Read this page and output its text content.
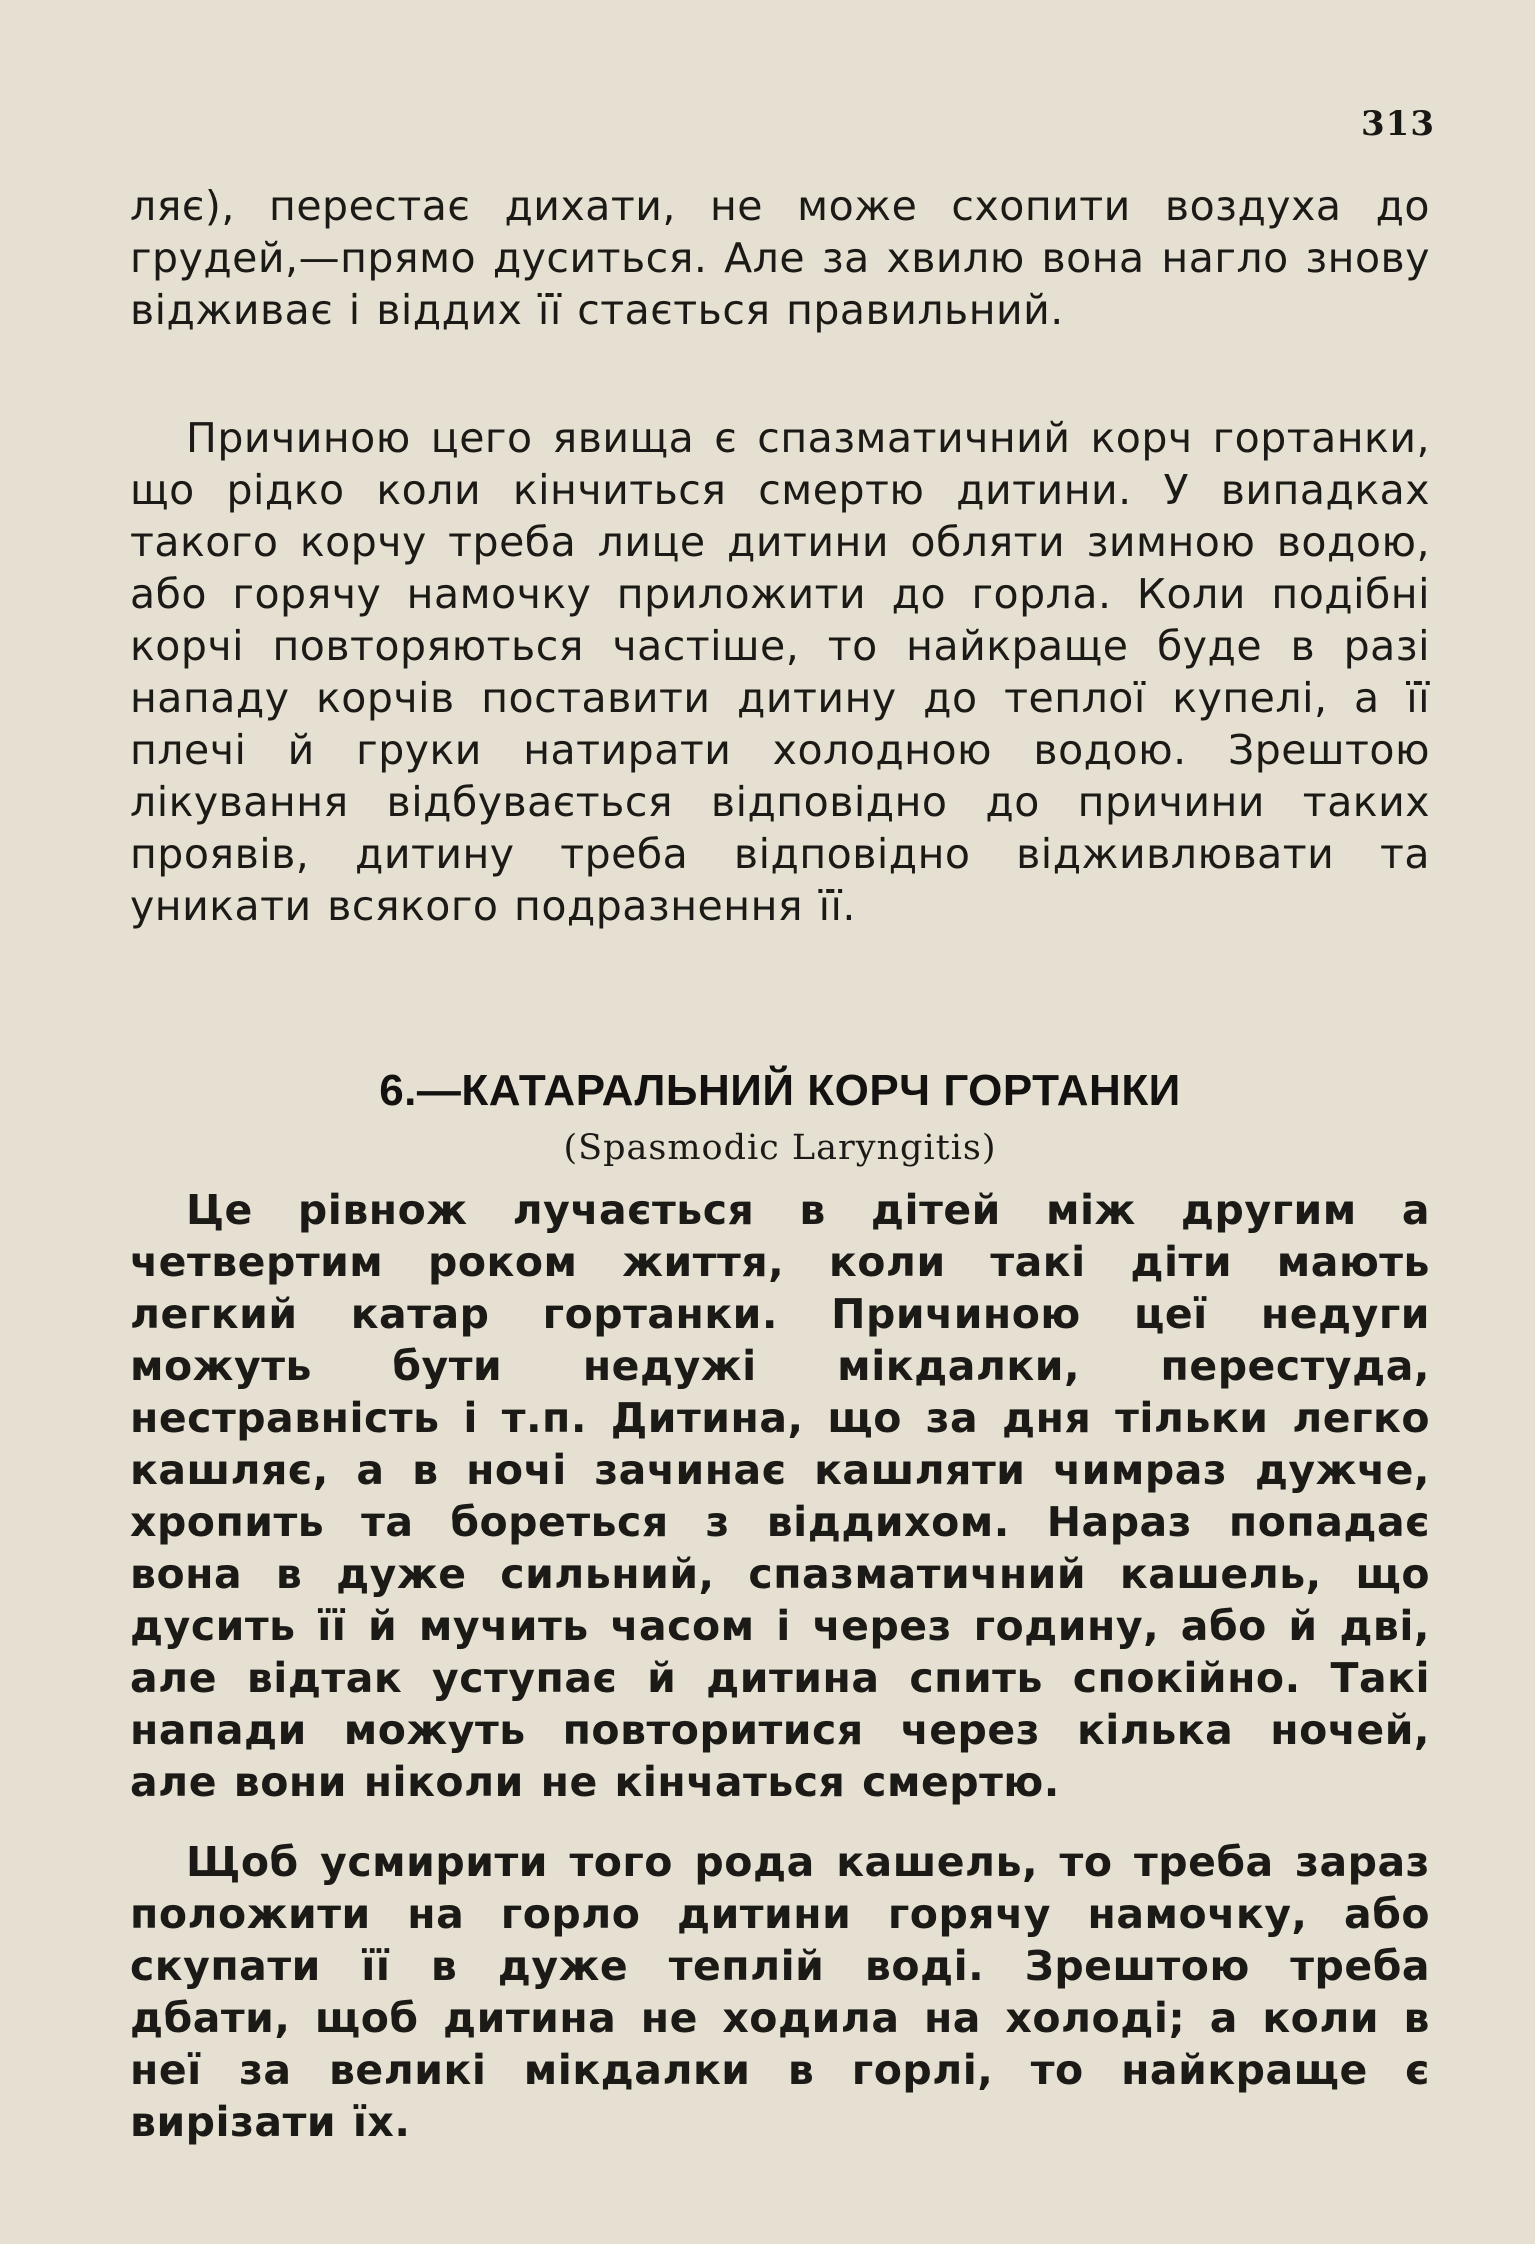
313

ляє), перестає дихати, не може схопити воздуха до грудей,—прямо дуситься. Але за хвилю вона нагло знову відживає і віддих її стається правильний.

Причиною цего явища є спазматичний корч гортанки, що рідко коли кінчиться смертю дитини. У випадках такого корчу треба лице дитини обляти зимною водою, або горячу намочку приложити до горла. Коли подібні корчі повторяються частіше, то найкраще буде в разі нападу корчів поставити дитину до теплої купелі, а її плечі й груки натирати холодною водою. Зрештою лікування відбувається відповідно до причини таких проявів, дитину треба відповідно відживлювати та уникати всякого подразнення її.

6.—КАТАРАЛЬНИЙ КОРЧ ГОРТАНКИ
(Spasmodic Laryngitis)

Це рівнож лучається в дітей між другим а четвертим роком життя, коли такі діти мають легкий катар гортанки. Причиною цеї недуги можуть бути недужі мікдалки, перестуда, нестравність і т.п. Дитина, що за дня тільки легко кашляє, а в ночі зачинає кашляти чимраз дужче, хропить та бореться з віддихом. Нараз попадає вона в дуже сильний, спазматичний кашель, що дусить її й мучить часом і через годину, або й дві, але відтак уступає й дитина спить спокійно. Такі напади можуть повторитися через кілька ночей, але вони ніколи не кінчаться смертю.

Щоб усмирити того рода кашель, то треба зараз положити на горло дитини горячу намочку, або скупати її в дуже теплій воді. Зрештою треба дбати, щоб дитина не ходила на холоді; а коли в неї за великі мікдалки в горлі, то найкраще є вирізати їх.
